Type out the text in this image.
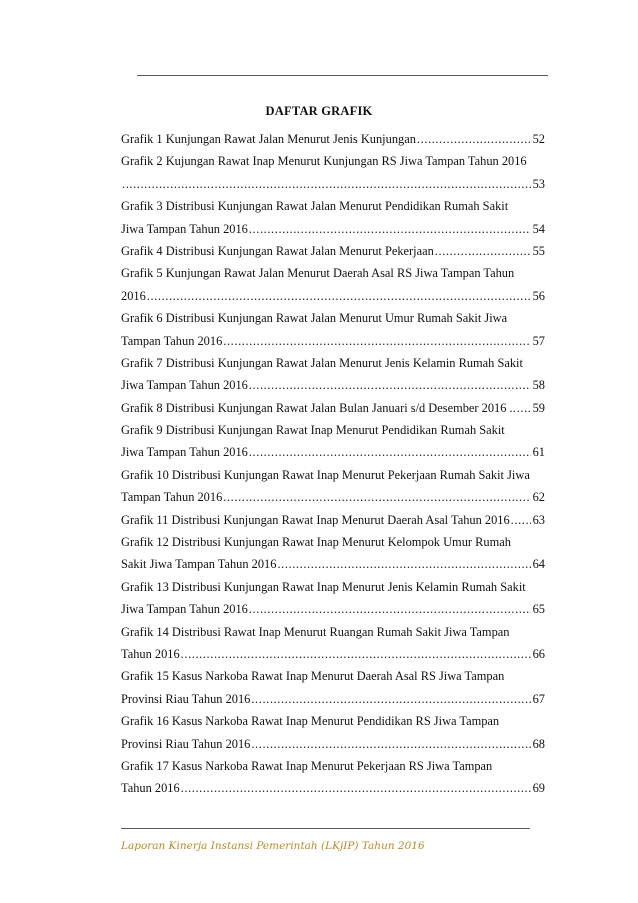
DAFTAR GRAFIK
Grafik 1 Kunjungan Rawat Jalan Menurut Jenis Kunjungan .....	52
Grafik 2 Kujungan Rawat Inap Menurut Kunjungan RS Jiwa Tampan Tahun 2016
.....
53
Grafik 3 Distribusi Kunjungan Rawat Jalan Menurut Pendidikan Rumah Sakit
Jiwa Tampan Tahun 2016 .....	54
Grafik 4 Distribusi Kunjungan Rawat Jalan Menurut Pekerjaan .....	55
Grafik 5 Kunjungan Rawat Jalan Menurut Daerah Asal RS Jiwa Tampan Tahun
2016 .....	56
Grafik 6 Distribusi Kunjungan Rawat Jalan Menurut Umur Rumah Sakit Jiwa
Tampan Tahun 2016 .....	57
Grafik 7 Distribusi Kunjungan Rawat Jalan Menurut Jenis Kelamin Rumah Sakit
Jiwa Tampan Tahun 2016 .....	58
Grafik 8 Distribusi Kunjungan Rawat Jalan Bulan Januari s/d Desember 2016 .. ..... 59
Grafik 9 Distribusi Kunjungan Rawat Inap Menurut Pendidikan Rumah Sakit
Jiwa Tampan Tahun 2016 .....	61
Grafik 10 Distribusi Kunjungan Rawat Inap Menurut Pekerjaan Rumah Sakit Jiwa
Tampan Tahun 2016 .....	62
Grafik 11 Distribusi Kunjungan Rawat Inap Menurut Daerah Asal Tahun 2016 ..... 63
Grafik 12 Distribusi Kunjungan Rawat Inap Menurut Kelompok Umur Rumah
Sakit Jiwa Tampan Tahun 2016 .....	64
Grafik 13 Distribusi Kunjungan Rawat Inap Menurut Jenis Kelamin Rumah Sakit
Jiwa Tampan Tahun 2016 .....	65
Grafik 14 Distribusi Rawat Inap Menurut Ruangan Rumah Sakit Jiwa Tampan
Tahun 2016 .....	66
Grafik 15 Kasus Narkoba Rawat Inap Menurut Daerah Asal RS Jiwa Tampan
Provinsi Riau Tahun 2016 .....	67
Grafik 16 Kasus Narkoba Rawat Inap Menurut Pendidikan RS Jiwa Tampan
Provinsi Riau Tahun 2016 .....	68
Grafik 17 Kasus Narkoba Rawat Inap Menurut Pekerjaan RS Jiwa Tampan
Tahun 2016 .....	69
Laporan Kinerja Instansi Pemerintah (LKjIP) Tahun 2016
